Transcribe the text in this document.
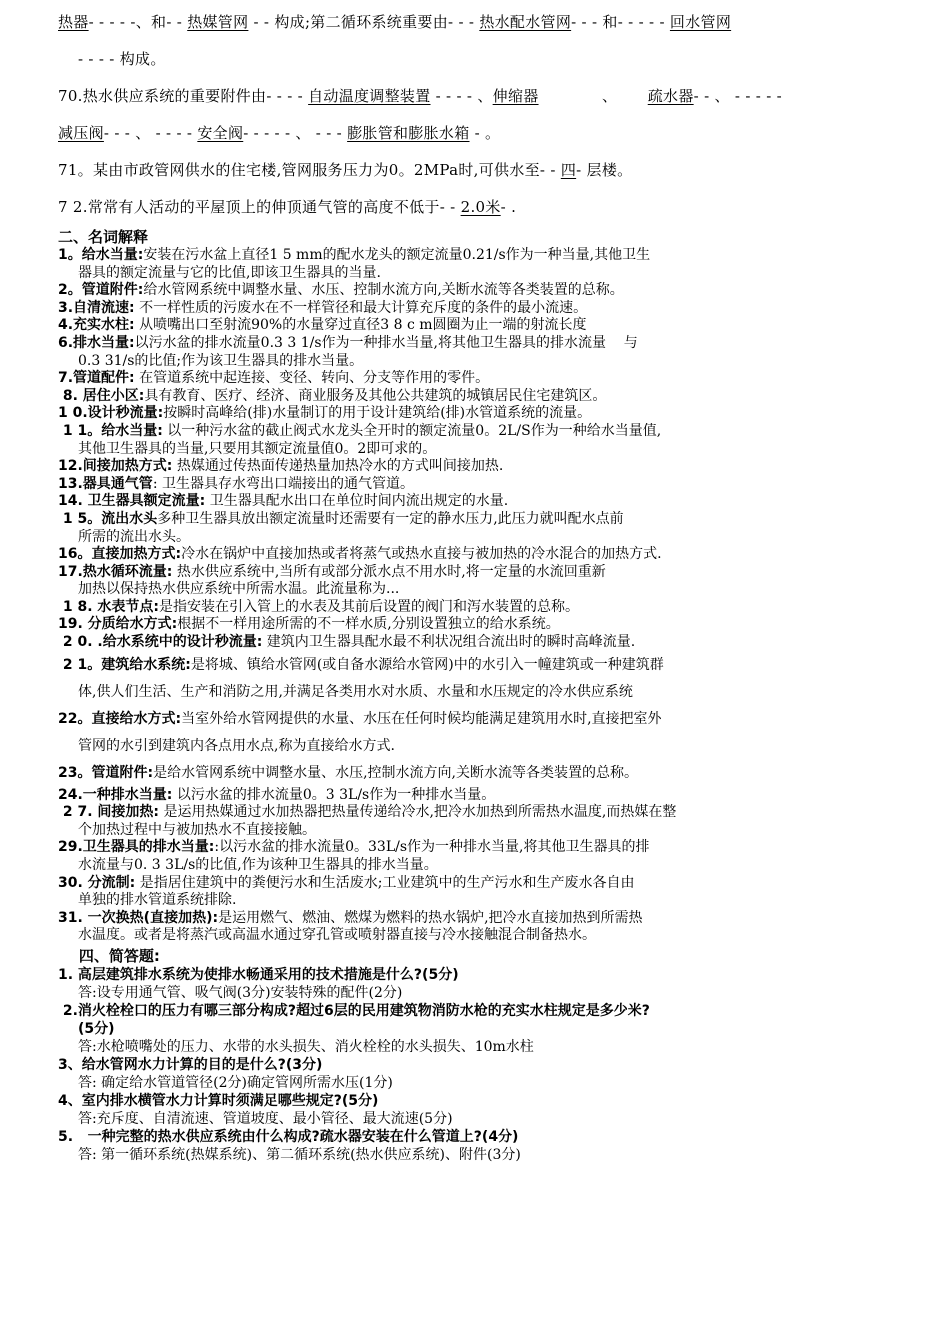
热器- - - - -、和- - 热媒管网 - - 构成;第二循环系统重要由- - - 热水配水管网- - - 和- - - - - 回水管网

- - - - 构成。

70.热水供应系统的重要附件由- - - - 自动温度调整装置 - - - - 、伸缩器       、      疏水器- - 、 - - - - -

减压阀- - - 、 - - - - 安全阀- - - - - 、 - - - 膨胀管和膨胀水箱 - 。

71。某由市政管网供水的住宅楼,管网服务压力为0。2MPa时,可供水至- - 四- 层楼。

7 2.常常有人活动的平屋顶上的伸顶通气管的高度不低于- - 2.0米- .

二、名词解释

1。给水当量:安装在污水盆上直径1 5 mm的配水龙头的额定流量0.21/s作为一种当量,其他卫生
器具的额定流量与它的比值,即该卫生器具的当量.

2。管道附件:给水管网系统中调整水量、水压、控制水流方向,关断水流等各类装置的总称。

3.自清流速: 不一样性质的污废水在不一样管径和最大计算充斥度的条件的最小流速。

4.充实水柱: 从喷嘴出口至射流90%的水量穿过直径3 8 c m圆圈为止一端的射流长度

6.排水当量:以污水盆的排水流量0.3 3 1/s作为一种排水当量,将其他卫生器具的排水流量    与
0.3 31/s的比值;作为该卫生器具的排水当量。

7.管道配件: 在管道系统中起连接、变径、转向、分支等作用的零件。

8. 居住小区:具有教育、医疗、经济、商业服务及其他公共建筑的城镇居民住宅建筑区。

1 0.设计秒流量:按瞬时高峰给(排)水量制订的用于设计建筑给(排)水管道系统的流量。

1 1。给水当量: 以一种污水盆的截止阀式水龙头全开时的额定流量0。2L/S作为一种给水当量值,
其他卫生器具的当量,只要用其额定流量值0。2即可求的。

12.间接加热方式: 热媒通过传热面传递热量加热冷水的方式叫间接加热.

13.器具通气管: 卫生器具存水弯出口端接出的通气管道。

14. 卫生器具额定流量: 卫生器具配水出口在单位时间内流出规定的水量.

1 5。流出水头多种卫生器具放出额定流量时还需要有一定的静水压力,此压力就叫配水点前
所需的流出水头。

16。直接加热方式:冷水在锅炉中直接加热或者将蒸气或热水直接与被加热的冷水混合的加热方式.

17.热水循环流量: 热水供应系统中,当所有或部分派水点不用水时,将一定量的水流回重新
加热以保持热水供应系统中所需水温。此流量称为...

1 8. 水表节点:是指安装在引入管上的水表及其前后设置的阀门和泻水装置的总称。

19. 分质给水方式:根据不一样用途所需的不一样水质,分别设置独立的给水系统。

2 0. .给水系统中的设计秒流量: 建筑内卫生器具配水最不利状况组合流出时的瞬时高峰流量.

2 1。建筑给水系统:是将城、镇给水管网(或自备水源给水管网)中的水引入一幢建筑或一种建筑群
体,供人们生活、生产和消防之用,并满足各类用水对水质、水量和水压规定的冷水供应系统

22。直接给水方式:当室外给水管网提供的水量、水压在任何时候均能满足建筑用水时,直接把室外
管网的水引到建筑内各点用水点,称为直接给水方式.

23。管道附件:是给水管网系统中调整水量、水压,控制水流方向,关断水流等各类装置的总称。

24.一种排水当量: 以污水盆的排水流量0。3 3L/s作为一种排水当量。

2 7. 间接加热: 是运用热媒通过水加热器把热量传递给冷水,把冷水加热到所需热水温度,而热媒在整
个加热过程中与被加热水不直接接触。

29.卫生器具的排水当量::以污水盆的排水流量0。33L/s作为一种排水当量,将其他卫生器具的排
水流量与0. 3 3L/s的比值,作为该种卫生器具的排水当量。

30. 分流制: 是指居住建筑中的粪便污水和生活废水;工业建筑中的生产污水和生产废水各自由
单独的排水管道系统排除.

31. 一次换热(直接加热):是运用燃气、燃油、燃煤为燃料的热水锅炉,把冷水直接加热到所需热
水温度。或者是将蒸汽或高温水通过穿孔管或喷射器直接与冷水接触混合制备热水。

四、简答题:

1. 高层建筑排水系统为使排水畅通采用的技术措施是什么?(5分)

答:设专用通气管、吸气阀(3分)安装特殊的配件(2分)

2.消火栓栓口的压力有哪三部分构成?超过6层的民用建筑物消防水枪的充实水柱规定是多少米?

(5分)

答:水枪喷嘴处的压力、水带的水头损失、消火栓栓的水头损失、10m水柱

3、给水管网水力计算的目的是什么?(3分)

答: 确定给水管道管径(2分)确定管网所需水压(1分)

4、室内排水横管水力计算时须满足哪些规定?(5分)

答:充斥度、自清流速、管道坡度、最小管径、最大流速(5分)

5.   一种完整的热水供应系统由什么构成?疏水器安装在什么管道上?(4分)

答: 第一循环系统(热媒系统)、第二循环系统(热水供应系统)、附件(3分)
